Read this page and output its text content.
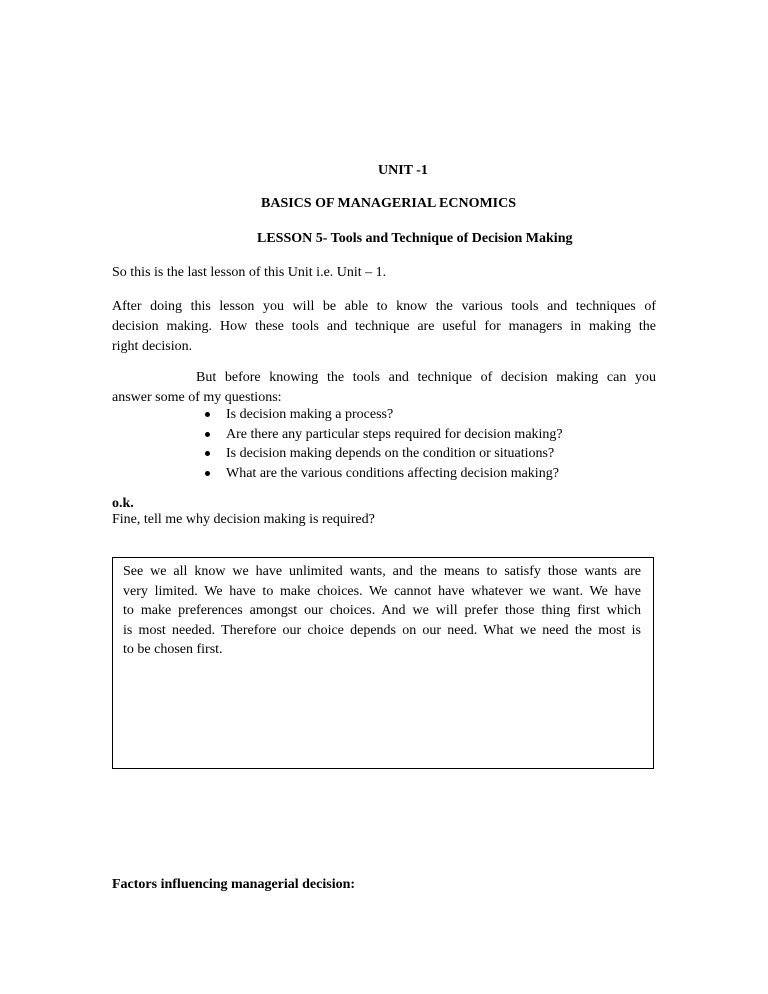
UNIT -1
BASICS OF MANAGERIAL ECNOMICS
LESSON 5- Tools and Technique of Decision Making
So this is the last lesson of this Unit i.e. Unit – 1.
After doing this lesson you will be able to know the various tools and techniques of
decision making. How these tools and technique are useful for managers in making the
right decision.
But before knowing the tools and technique of decision making can you
answer some of my questions:
Is decision making a process?
Are there any particular steps required for decision making?
Is decision making depends on the condition or situations?
What are the various conditions affecting decision making?
o.k.
Fine, tell me why decision making is required?
See we all know we have unlimited wants, and the means to satisfy those wants are
very limited. We have to make choices. We cannot have whatever we want. We have
to make preferences amongst our choices. And we will prefer those thing first which
is most needed. Therefore our choice depends on our need. What we need the most is
to be chosen first.
Factors influencing managerial decision:
